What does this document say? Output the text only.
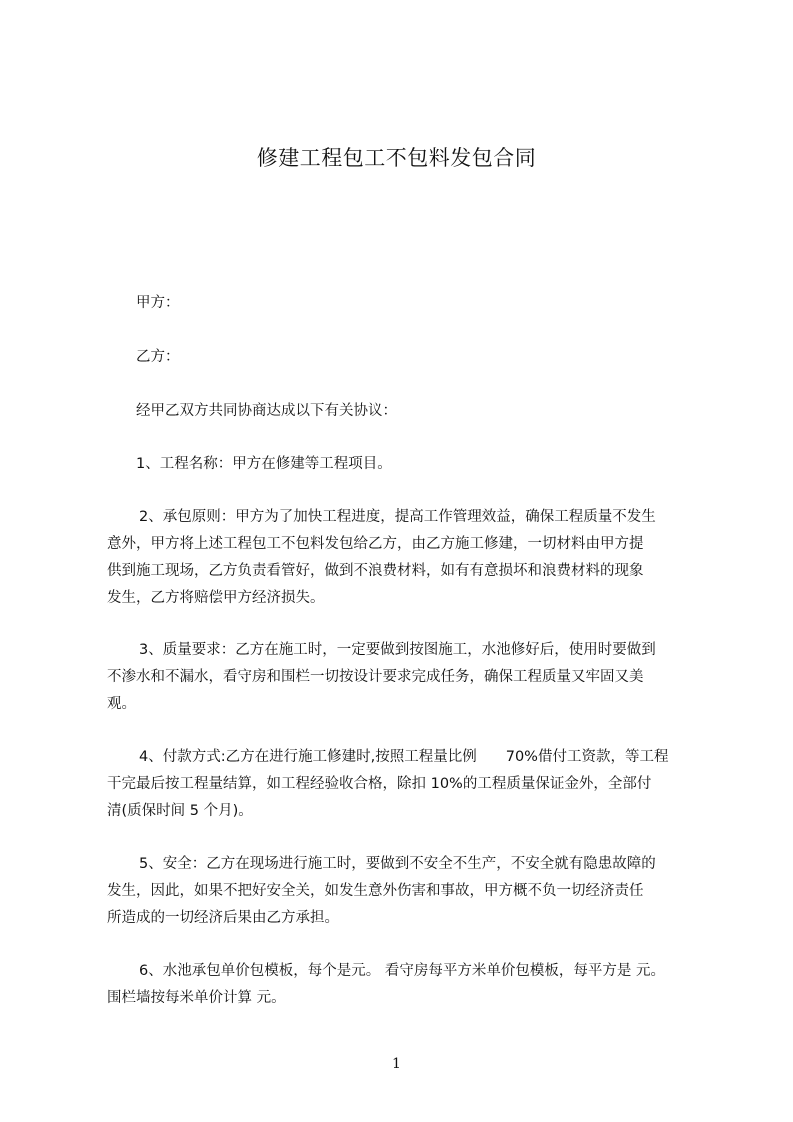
修建工程包工不包料发包合同
甲方：
乙方：
经甲乙双方共同协商达成以下有关协议：
1、工程名称：甲方在修建等工程项目。
2、承包原则：甲方为了加快工程进度，提高工作管理效益，确保工程质量不发生
意外，甲方将上述工程包工不包料发包给乙方，由乙方施工修建，一切材料由甲方提
供到施工现场，乙方负责看管好，做到不浪费材料，如有有意损坏和浪费材料的现象
发生，乙方将赔偿甲方经济损失。
3、质量要求：乙方在施工时，一定要做到按图施工，水池修好后，使用时要做到
不渗水和不漏水，看守房和围栏一切按设计要求完成任务，确保工程质量又牢固又美
观。
4、付款方式:乙方在进行施工修建时,按照工程量比例　　70%借付工资款，等工程
干完最后按工程量结算，如工程经验收合格，除扣 10%的工程质量保证金外，全部付
清(质保时间 5 个月)。
5、安全：乙方在现场进行施工时，要做到不安全不生产，不安全就有隐患故障的
发生，因此，如果不把好安全关，如发生意外伤害和事故，甲方概不负一切经济责任
所造成的一切经济后果由乙方承担。
6、水池承包单价包模板，每个是元。 看守房每平方米单价包模板，每平方是 元。
围栏墙按每米单价计算 元。
1
